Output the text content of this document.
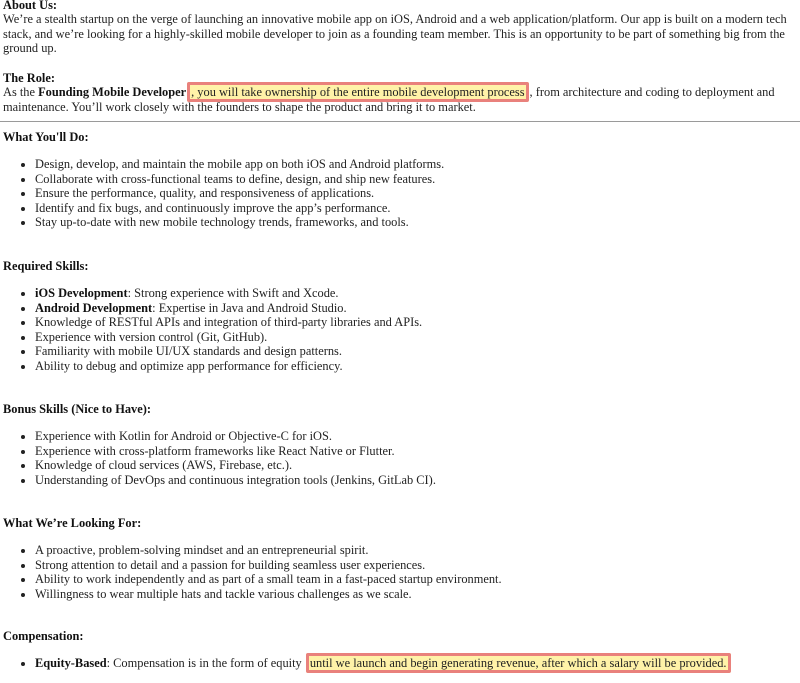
About Us:
We’re a stealth startup on the verge of launching an innovative mobile app on iOS, Android and a web application/platform. Our app is built on a modern tech stack, and we’re looking for a highly-skilled mobile developer to join as a founding team member. This is an opportunity to be part of something big from the ground up.
The Role:
As the Founding Mobile Developer , you will take ownership of the entire mobile development process , from architecture and coding to deployment and maintenance. You’ll work closely with the founders to shape the product and bring it to market.
What You'll Do:
• Design, develop, and maintain the mobile app on both iOS and Android platforms.
• Collaborate with cross-functional teams to define, design, and ship new features.
• Ensure the performance, quality, and responsiveness of applications.
• Identify and fix bugs, and continuously improve the app’s performance.
• Stay up-to-date with new mobile technology trends, frameworks, and tools.
Required Skills:
• iOS Development: Strong experience with Swift and Xcode.
• Android Development: Expertise in Java and Android Studio.
• Knowledge of RESTful APIs and integration of third-party libraries and APIs.
• Experience with version control (Git, GitHub).
• Familiarity with mobile UI/UX standards and design patterns.
• Ability to debug and optimize app performance for efficiency.
Bonus Skills (Nice to Have):
• Experience with Kotlin for Android or Objective-C for iOS.
• Experience with cross-platform frameworks like React Native or Flutter.
• Knowledge of cloud services (AWS, Firebase, etc.).
• Understanding of DevOps and continuous integration tools (Jenkins, GitLab CI).
What We’re Looking For:
• A proactive, problem-solving mindset and an entrepreneurial spirit.
• Strong attention to detail and a passion for building seamless user experiences.
• Ability to work independently and as part of a small team in a fast-paced startup environment.
• Willingness to wear multiple hats and tackle various challenges as we scale.
Compensation:
• Equity-Based: Compensation is in the form of equity until we launch and begin generating revenue, after which a salary will be provided.
